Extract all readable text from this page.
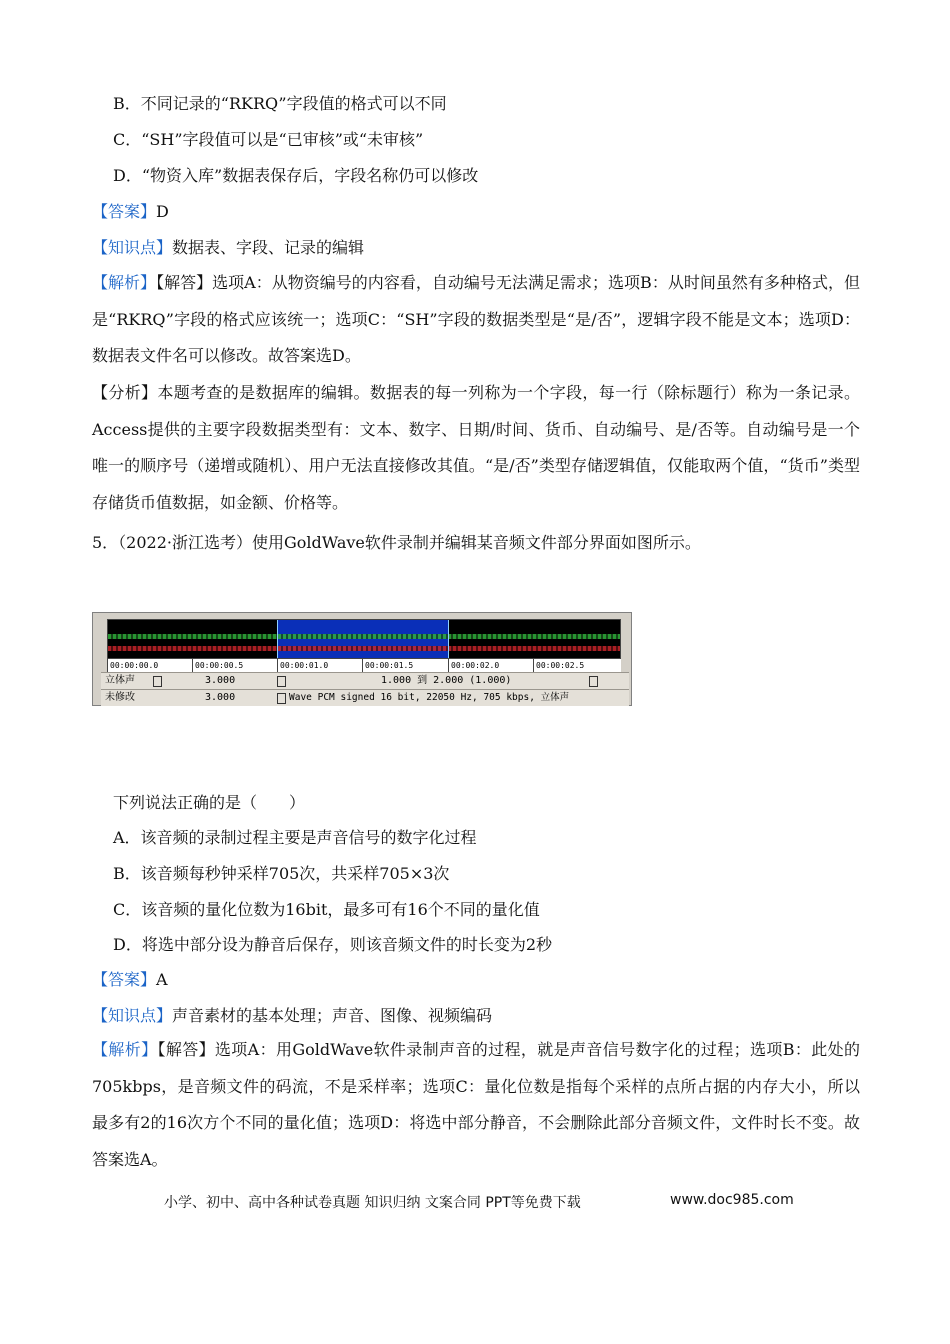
B．不同记录的“RKRQ”字段值的格式可以不同
C．“SH”字段值可以是“已审核”或“未审核”
D．“物资入库”数据表保存后，字段名称仍可以修改
【答案】D
【知识点】数据表、字段、记录的编辑
【解析】【解答】选项A：从物资编号的内容看，自动编号无法满足需求；选项B：从时间虽然有多种格式，但是“RKRQ”字段的格式应该统一；选项C：“SH”字段的数据类型是“是/否”，逻辑字段不能是文本；选项D：数据表文件名可以修改。故答案选D。
【分析】本题考查的是数据库的编辑。数据表的每一列称为一个字段，每一行（除标题行）称为一条记录。Access提供的主要字段数据类型有：文本、数字、日期/时间、货币、自动编号、是/否等。自动编号是一个唯一的顺序号（递增或随机）、用户无法直接修改其值。“是/否”类型存储逻辑值，仅能取两个值，“货币”类型存储货币值数据，如金额、价格等。
5．（2022·浙江选考）使用GoldWave软件录制并编辑某音频文件部分界面如图所示。
00:00:00.0	00:00:00.5	00:00:01.0	00:00:01.5	00:00:02.0	00:00:02.5
立体声	3.000	1.000 到 2.000 (1.000)
未修改	3.000	Wave PCM signed 16 bit, 22050 Hz, 705 kbps, 立体声
下列说法正确的是（　　）
A．该音频的录制过程主要是声音信号的数字化过程
B．该音频每秒钟采样705次，共采样705×3次
C．该音频的量化位数为16bit，最多可有16个不同的量化值
D．将选中部分设为静音后保存，则该音频文件的时长变为2秒
【答案】A
【知识点】声音素材的基本处理；声音、图像、视频编码
【解析】【解答】选项A：用GoldWave软件录制声音的过程，就是声音信号数字化的过程；选项B：此处的705kbps，是音频文件的码流，不是采样率；选项C：量化位数是指每个采样的点所占据的内存大小，所以最多有2的16次方个不同的量化值；选项D：将选中部分静音，不会删除此部分音频文件，文件时长不变。故答案选A。
小学、初中、高中各种试卷真题 知识归纳 文案合同 PPT等免费下载	www.doc985.com
